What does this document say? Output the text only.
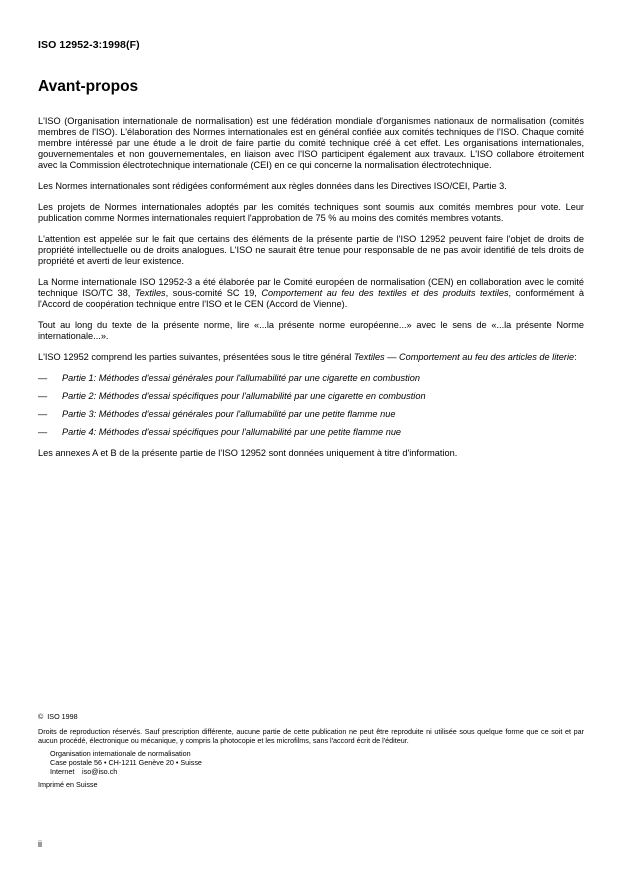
ISO 12952-3:1998(F)
Avant-propos

L'ISO (Organisation internationale de normalisation) est une fédération mondiale d'organismes nationaux de normalisation (comités membres de l'ISO). L'élaboration des Normes internationales est en général confiée aux comités techniques de l'ISO. Chaque comité membre intéressé par une étude a le droit de faire partie du comité technique créé à cet effet. Les organisations internationales, gouvernementales et non gouvernementales, en liaison avec l'ISO participent également aux travaux. L'ISO collabore étroitement avec la Commission électrotechnique internationale (CEI) en ce qui concerne la normalisation électrotechnique.

Les Normes internationales sont rédigées conformément aux règles données dans les Directives ISO/CEI, Partie 3.

Les projets de Normes internationales adoptés par les comités techniques sont soumis aux comités membres pour vote. Leur publication comme Normes internationales requiert l'approbation de 75 % au moins des comités membres votants.

L'attention est appelée sur le fait que certains des éléments de la présente partie de l'ISO 12952 peuvent faire l'objet de droits de propriété intellectuelle ou de droits analogues. L'ISO ne saurait être tenue pour responsable de ne pas avoir identifié de tels droits de propriété et averti de leur existence.

La Norme internationale ISO 12952-3 a été élaborée par le Comité européen de normalisation (CEN) en collaboration avec le comité technique ISO/TC 38, Textiles, sous-comité SC 19, Comportement au feu des textiles et des produits textiles, conformément à l'Accord de coopération technique entre l'ISO et le CEN (Accord de Vienne).

Tout au long du texte de la présente norme, lire «...la présente norme européenne...» avec le sens de «...la présente Norme internationale...».

L'ISO 12952 comprend les parties suivantes, présentées sous le titre général Textiles — Comportement au feu des articles de literie:

—	Partie 1: Méthodes d'essai générales pour l'allumabilité par une cigarette en combustion
—	Partie 2: Méthodes d'essai spécifiques pour l'allumabilité par une cigarette en combustion
—	Partie 3: Méthodes d'essai générales pour l'allumabilité par une petite flamme nue
—	Partie 4: Méthodes d'essai spécifiques pour l'allumabilité par une petite flamme nue

Les annexes A et B de la présente partie de l'ISO 12952 sont données uniquement à titre d'information.

© ISO 1998

Droits de reproduction réservés. Sauf prescription différente, aucune partie de cette publication ne peut être reproduite ni utilisée sous quelque forme que ce soit et par aucun procédé, électronique ou mécanique, y compris la photocopie et les microfilms, sans l'accord écrit de l'éditeur.

Organisation internationale de normalisation

Case postale 56 • CH-1211 Genève 20 • Suisse

Internet iso@iso.ch

Imprimé en Suisse

ii
